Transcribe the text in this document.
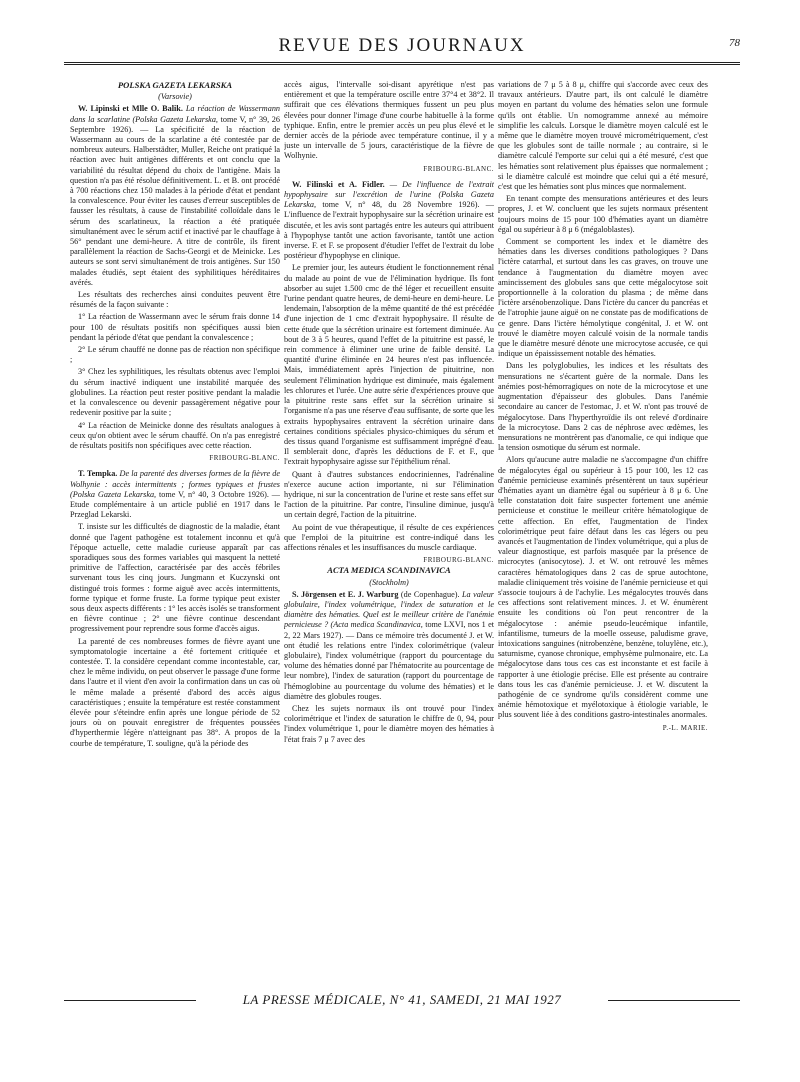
REVUE DES JOURNAUX	78

POLSKA GAZETA LEKARSKA

(Varsovie)

W. Lipinski et Mlle O. Balik. La réaction de Wassermann dans la scarlatine (Polska Gazeta Lekarska, tome V, n° 39, 26 Septembre 1926). — La spécificité de la réaction de Wassermann au cours de la scarlatine a été contestée par de nombreux auteurs. Halberstädter, Muller, Reiche ont pratiqué la réaction avec huit antigènes différents et ont conclu que la variabilité du résultat dépend du choix de l'antigène. Mais la question n'a pas été résolue définitivement. L. et B. ont procédé à 700 réactions chez 150 malades à la période d'état et pendant la convalescence. Pour éviter les causes d'erreur susceptibles de fausser les résultats, à cause de l'instabilité colloïdale dans le sérum des scarlatineux, la réaction a été pratiquée simultanément avec le sérum actif et inactivé par le chauffage à 56° pendant une demi-heure. A titre de contrôle, ils firent parallèlement la réaction de Sachs-Georgi et de Meinicke. Les auteurs se sont servi simultanément de trois antigènes. Sur 150 malades étudiés, sept étaient des syphilitiques héréditaires avérés.

Les résultats des recherches ainsi conduites peuvent être résumés de la façon suivante :

1° La réaction de Wassermann avec le sérum frais donne 14 pour 100 de résultats positifs non spécifiques aussi bien pendant la période d'état que pendant la convalescence ;

2° Le sérum chauffé ne donne pas de réaction non spécifique ;

3° Chez les syphilitiques, les résultats obtenus avec l'emploi du sérum inactivé indiquent une instabilité marquée des globulines. La réaction peut rester positive pendant la maladie et la convalescence ou devenir passagèrement négative pour redevenir positive par la suite ;

4° La réaction de Meinicke donne des résultats analogues à ceux qu'on obtient avec le sérum chauffé. On n'a pas enregistré de résultats positifs non spécifiques avec cette réaction.

FRIBOURG-BLANC.

T. Tempka. De la parenté des diverses formes de la fièvre de Wolhynie : accès intermittents ; formes typiques et frustes (Polska Gazeta Lekarska, tome V, n° 40, 3 Octobre 1926). — Etude complémentaire à un article publié en 1917 dans le Przeglad Lekarski.

T. insiste sur les difficultés de diagnostic de la maladie, étant donné que l'agent pathogène est totalement inconnu et qu'à l'époque actuelle, cette maladie curieuse apparaît par cas sporadiques sous des formes variables qui masquent la netteté primitive de l'affection, caractérisée par des accès fébriles survenant tous les cinq jours. Jungmann et Kuczynski ont distingué trois formes : forme aiguë avec accès intermittents, forme typique et forme fruste. La forme typique peut exister sous deux aspects différents : 1° les accès isolés se transforment en fièvre continue ; 2° une fièvre continue descendant progressivement pour reprendre sous forme d'accès aigus.

La parenté de ces nombreuses formes de fièvre ayant une symptomatologie incertaine a été fortement critiquée et contestée. T. la considère cependant comme incontestable, car, chez le même individu, on peut observer le passage d'une forme dans l'autre et il vient d'en avoir la confirmation dans un cas où le même malade a présenté d'abord des accès aigus caractéristiques ; ensuite la température est restée constamment élevée pour s'éteindre enfin après une longue période de 52 jours où on pouvait enregistrer de fréquentes poussées d'hyperthermie légère n'atteignant pas 38°. A propos de la courbe de température, T. souligne, qu'à la période des

accès aigus, l'intervalle soi-disant apyrétique n'est pas entièrement et que la température oscille entre 37°4 et 38°2. Il suffirait que ces élévations thermiques fussent un peu plus élevées pour donner l'image d'une courbe habituelle à la forme typhique. Enfin, entre le premier accès un peu plus élevé et le dernier accès de la période avec température continue, il y a juste un intervalle de 5 jours, caractéristique de la fièvre de Wolhynie.

FRIBOURG-BLANC.

W. Filinski et A. Fidler. — De l'influence de l'extrait hypophysaire sur l'excrétion de l'urine (Polska Gazeta Lekarska, tome V, n° 48, du 28 Novembre 1926). — L'influence de l'extrait hypophysaire sur la sécrétion urinaire est discutée, et les avis sont partagés entre les auteurs qui attribuent à l'hypophyse tantôt une action favorisante, tantôt une action inverse. F. et F. se proposent d'étudier l'effet de l'extrait du lobe postérieur d'hypophyse en clinique.

Le premier jour, les auteurs étudient le fonctionnement rénal du malade au point de vue de l'élimination hydrique. Ils font absorber au sujet 1.500 cmc de thé léger et recueillent ensuite l'urine pendant quatre heures, de demi-heure en demi-heure. Le lendemain, l'absorption de la même quantité de thé est précédée d'une injection de 1 cmc d'extrait hypophysaire. Il résulte de cette étude que la sécrétion urinaire est fortement diminuée. Au bout de 3 à 5 heures, quand l'effet de la pituitrine est passé, le rein commence à éliminer une urine de faible densité. La quantité d'urine éliminée en 24 heures n'est pas influencée. Mais, immédiatement après l'injection de pituitrine, non seulement l'élimination hydrique est diminuée, mais également les chlorures et l'urée. Une autre série d'expériences prouve que la pituitrine reste sans effet sur la sécrétion urinaire si l'organisme n'a pas une réserve d'eau suffisante, de sorte que les extraits hypophysaires entravent la sécrétion urinaire dans certaines conditions spéciales physico-chimiques du sérum et des tissus quand l'organisme est suffisamment imprégné d'eau. Il semblerait donc, d'après les déductions de F. et F., que l'extrait hypophysaire agisse sur l'épithélium rénal.

Quant à d'autres substances endocriniennes, l'adrénaline n'exerce aucune action importante, ni sur l'élimination hydrique, ni sur la concentration de l'urine et reste sans effet sur l'action de la pituitrine. Par contre, l'insuline diminue, jusqu'à un certain degré, l'action de la pituitrine.

Au point de vue thérapeutique, il résulte de ces expériences que l'emploi de la pituitrine est contre-indiqué dans les affections rénales et les insuffisances du muscle cardiaque.

FRIBOURG-BLANC.

ACTA MEDICA SCANDINAVICA

(Stockholm)

S. Jörgensen et E. J. Warburg (de Copenhague). La valeur globulaire, l'index volumétrique, l'index de saturation et le diamètre des hématies. Quel est le meilleur critère de l'anémie pernicieuse ? (Acta medica Scandinavica, tome LXVI, nos 1 et 2, 22 Mars 1927). — Dans ce mémoire très documenté J. et W. ont étudié les relations entre l'index colorimétrique (valeur globulaire), l'index volumétrique (rapport du pourcentage du volume des hématies donné par l'hématocrite au pourcentage de leur nombre), l'index de saturation (rapport du pourcentage de l'hémoglobine au pourcentage du volume des hématies) et le diamètre des globules rouges.

Chez les sujets normaux ils ont trouvé pour l'index colorimétrique et l'index de saturation le chiffre de 0, 94, pour l'index volumétrique 1, pour le diamètre moyen des hématies à l'état frais 7 μ 7 avec des

variations de 7 μ 5 à 8 μ, chiffre qui s'accorde avec ceux des travaux antérieurs. D'autre part, ils ont calculé le diamètre moyen en partant du volume des hématies selon une formule qu'ils ont établie. Un nomogramme annexé au mémoire simplifie les calculs. Lorsque le diamètre moyen calculé est le même que le diamètre moyen trouvé micrométriquement, c'est que les globules sont de taille normale ; au contraire, si le diamètre calculé l'emporte sur celui qui a été mesuré, c'est que les hématies sont relativement plus épaisses que normalement ; si le diamètre calculé est moindre que celui qui a été mesuré, c'est que les hématies sont plus minces que normalement.

En tenant compte des mensurations antérieures et des leurs propres, J. et W. concluent que les sujets normaux présentent toujours moins de 15 pour 100 d'hématies ayant un diamètre égal ou supérieur à 8 μ 6 (mégaloblastes).

Comment se comportent les index et le diamètre des hématies dans les diverses conditions pathologiques ? Dans l'ictère catarrhal, et surtout dans les cas graves, on trouve une tendance à l'augmentation du diamètre moyen avec amincissement des globules sans que cette mégalocytose soit proportionnelle à la coloration du plasma ; de même dans l'ictère arsénobenzolique. Dans l'ictère du cancer du pancréas et de l'atrophie jaune aiguë on ne constate pas de modifications de ce genre. Dans l'ictère hémolytique congénital, J. et W. ont trouvé le diamètre moyen calculé voisin de la normale tandis que le diamètre mesuré dénote une microcytose accusée, ce qui indique un épaississement notable des hématies.

Dans les polyglobulies, les indices et les résultats des mensurations ne s'écartent guère de la normale. Dans les anémies post-hémorragiques on note de la microcytose et une augmentation d'épaisseur des globules. Dans l'anémie secondaire au cancer de l'estomac, J. et W. n'ont pas trouvé de mégalocytose. Dans l'hyperthyroïdie ils ont relevé d'ordinaire de la microcytose. Dans 2 cas de néphrose avec œdèmes, les mensurations ne montrèrent pas d'anomalie, ce qui indique que la tension osmotique du sérum est normale.

Alors qu'aucune autre maladie ne s'accompagne d'un chiffre de mégalocytes égal ou supérieur à 15 pour 100, les 12 cas d'anémie pernicieuse examinés présentèrent un taux supérieur d'hématies ayant un diamètre égal ou supérieur à 8 μ 6. Une telle constatation doit faire suspecter fortement une anémie pernicieuse et constitue le meilleur critère hématologique de cette affection. En effet, l'augmentation de l'index colorimétrique peut faire défaut dans les cas légers ou peu avancés et l'augmentation de l'index volumétrique, qui a plus de valeur diagnostique, est parfois masquée par la présence de microcytes (anisocytose). J. et W. ont retrouvé les mêmes caractères hématologiques dans 2 cas de sprue autochtone, maladie cliniquement très voisine de l'anémie pernicieuse et qui s'associe toujours à de l'achylie. Les mégalocytes trouvés dans ces affections sont relativement minces. J. et W. énumèrent ensuite les conditions où l'on peut rencontrer de la mégalocytose : anémie pseudo-leucémique infantile, infantilisme, tumeurs de la moelle osseuse, paludisme grave, intoxications sanguines (nitrobenzène, benzène, toluylène, etc.), saturnisme, cyanose chronique, emphysème pulmonaire, etc. La mégalocytose dans tous ces cas est inconstante et est facile à rapporter à une étiologie précise. Elle est présente au contraire dans tous les cas d'anémie pernicieuse. J. et W. discutent la pathogénie de ce syndrome qu'ils considèrent comme une anémie hémotoxique et myélotoxique à étiologie variable, le plus souvent liée à des conditions gastro-intestinales anormales.

P.-L. MARIE.
LA PRESSE MÉDICALE, N° 41, SAMEDI, 21 MAI 1927
